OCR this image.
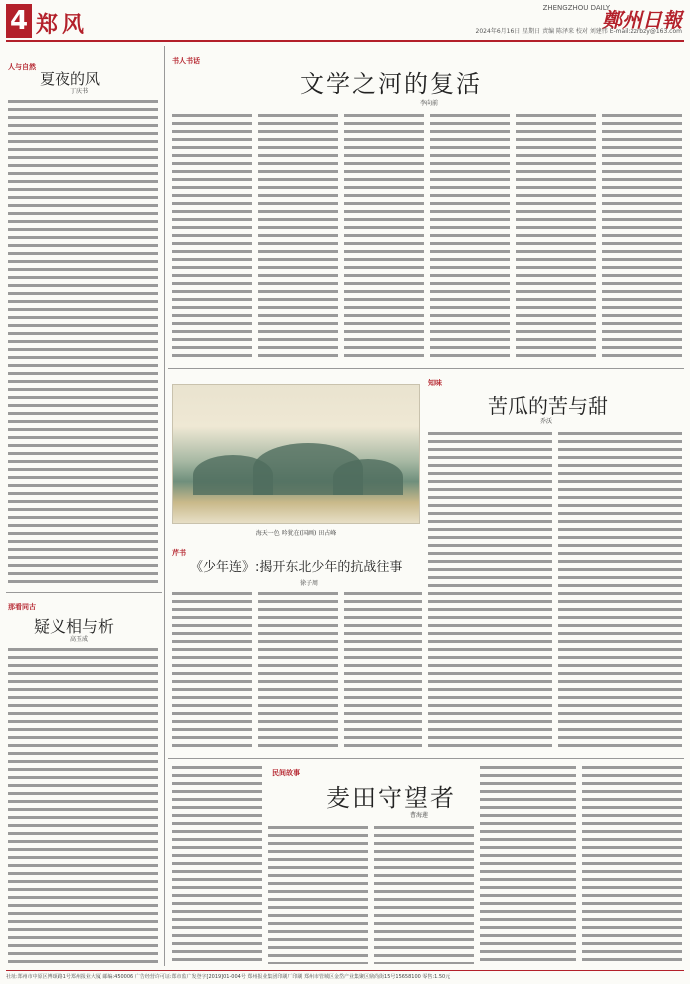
4 郑风
ZHENGZHOU DAILY
鄭州日報
2024年6月16日 星期日 责编 陈泽来 校对 刘建伟 E-mail:zzrbzy@163.com
人与自然
夏夜的风
丁庆书
那看同古
疑义相与析
高玉成
书人书话
文学之河的复活
李向前
海天一色 吟犹在(国画) 田占峰
知味
苦瓜的苦与甜
乔沃
芹书
《少年连》:揭开东北少年的抗战往事
徐子周
民间故事
麦田守望者
曹海莲
社址:郑州市中原区博颂路1号郑州报业大厦 邮编:450006 广告经营许可证:郑市监广发登字[2019]01-004号 郑州报业集团印刷厂印刷 郑州市管城区金岱产业集聚区鼎尚街15号15658100 零售:1.50元
